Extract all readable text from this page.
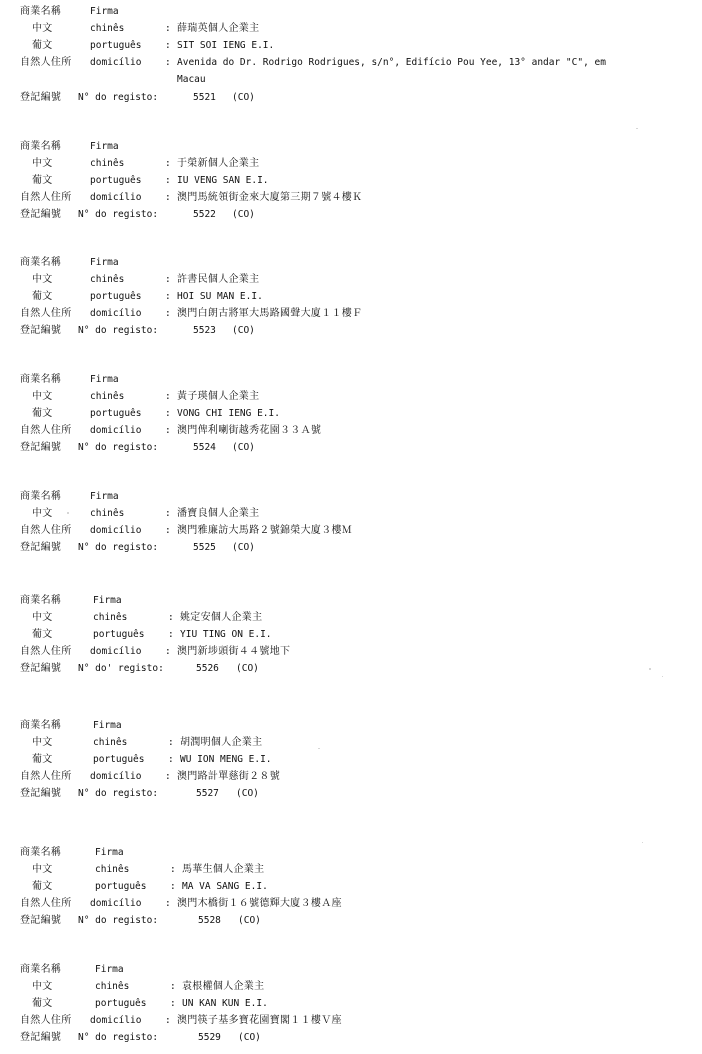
商業名稱	Firma
中文	chinês	: 薛瑞英個人企業主
葡文	português : SIT SOI IENG E.I.
自然人住所 domicílio : Avenida do Dr. Rodrigo Rodrigues, s/n°, Edifício Pou Yee, 13° andar "C", em
Macau
登記編號 N° do registo:	5521 (CO)
商業名稱	Firma
中文	chinês	: 于榮新個人企業主
葡文	português : IU VENG SAN E.I.
自然人住所 domicílio : 澳門馬統領街金來大廈第三期７號４樓Ｋ
登記編號 N° do registo:	5522 (CO)
商業名稱	Firma
中文	chinês	: 許書民個人企業主
葡文	português : HOI SU MAN E.I.
自然人住所 domicílio : 澳門白朗古將軍大馬路國聲大廈１１樓Ｆ
登記編號 N° do registo:	5523 (CO)
商業名稱	Firma
中文	chinês	: 黃子瑛個人企業主
葡文	português : VONG CHI IENG E.I.
自然人住所 domicílio : 澳門俾利喇街越秀花園３３Ａ號
登記編號 N° do registo:	5524 (CO)
商業名稱	Firma
中文	chinês	: 潘寶良個人企業主
自然人住所 domicílio : 澳門雅廉訪大馬路２號錦榮大廈３樓Ｍ
登記編號 N° do registo:	5525 (CO)
商業名稱	Firma
中文	chinês	: 姚定安個人企業主
葡文	português : YIU TING ON E.I.
自然人住所 domicílio : 澳門新埗頭街４４號地下
登記編號 N° do' registo:	5526 (CO)
商業名稱	Firma
中文	chinês	: 胡潤明個人企業主
葡文	português : WU ION MENG E.I.
自然人住所 domicílio : 澳門路計單慈街２８號
登記編號 N° do registo:	5527 (CO)
商業名稱	Firma
中文	chinês	: 馬華生個人企業主
葡文	português : MA VA SANG E.I.
自然人住所 domicílio : 澳門木橋街１６號德輝大廈３樓Ａ座
登記編號 N° do registo:	5528 (CO)
商業名稱	Firma
中文	chinês	: 袁根權個人企業主
葡文	português : UN KAN KUN E.I.
自然人住所 domicílio : 澳門筷子基多寶花園寶閣１１樓Ｖ座
登記編號 N° do registo:	5529 (CO)
